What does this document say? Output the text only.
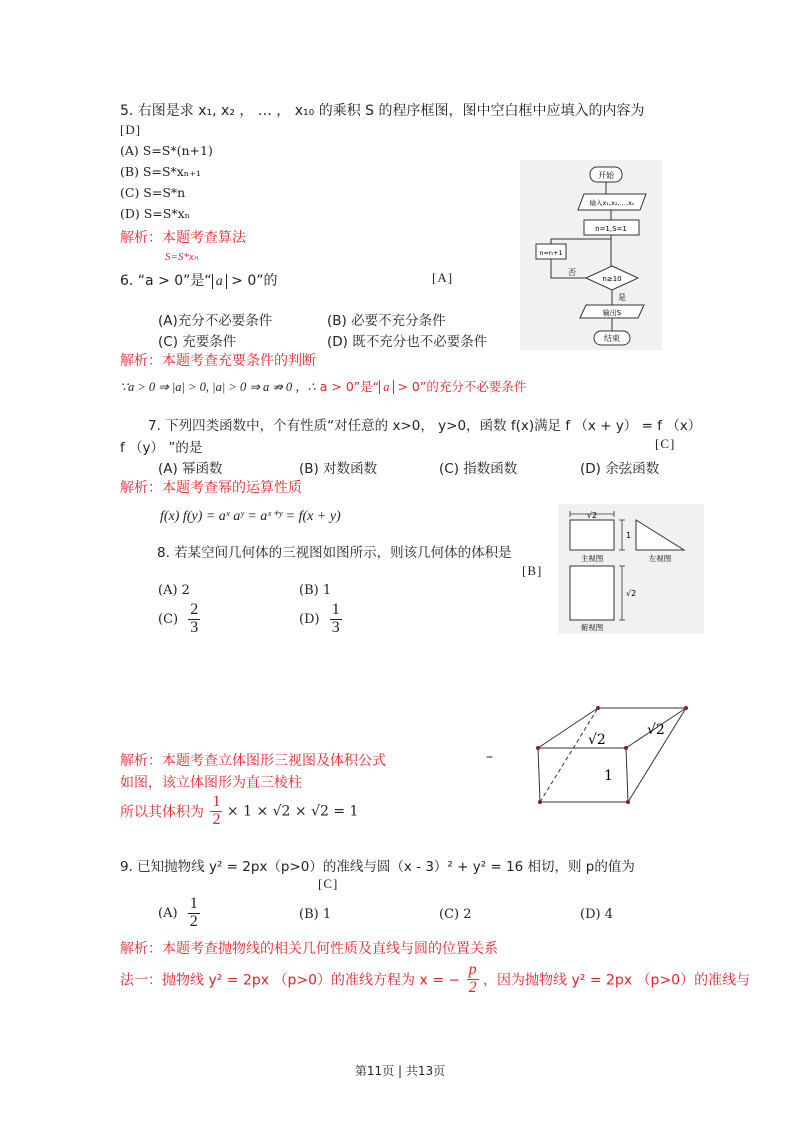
5. 右图是求 x₁, x₂ ， … ， x₁₀ 的乘积 S 的程序框图，图中空白框中应填入的内容为
[D]
(A) S=S*(n+1)
(B) S=S*xₙ₊₁
(C) S=S*n
(D) S=S*xₙ
解析：本题考查算法
S=S*xₙ
开始
输入x₁,x₂,…,xₙ
n=1,S=1
n=n+1
n≥10
否
是
输出S
结束
6. “a > 0”是“ a > 0”的	[A]
(A)充分不必要条件	(B) 必要不充分条件
(C) 充要条件	(D) 既不充分也不必要条件
解析：本题考查充要条件的判断
∵a > 0 ⇒ |a| > 0, |a| > 0 ⇒ a ⇏ 0 ，∴ a > 0”是“ a > 0”的充分不必要条件
7. 下列四类函数中，个有性质“对任意的 x>0， y>0，函数 f(x)满足 f （x + y） = f （x）
f （y） ”的是	[C]
(A) 幂函数	(B) 对数函数	(C) 指数函数	(D) 余弦函数
解析：本题考查幂的运算性质
f(x) f(y) = aˣ aʸ = aˣ⁺ʸ = f(x + y)	√2
1
主视图	左视图
√2
俯视图
8. 若某空间几何体的三视图如图所示，则该几何体的体积是
[B]
(A) 2	(B) 1
$(C) \frac{2}{3}$	$(D) \frac{1}{3}$
√2
√2
1
解析：本题考查立体图形三视图及体积公式	–
如图，该立体图形为直三棱柱
所以其体积为 $\frac{1}{2} \times 1 \times √2 \times √2 = 1$
9. 已知抛物线 y² = 2px（p>0）的准线与圆（x - 3）² + y² = 16 相切，则 p的值为
[C]
$(A) \frac{1}{2}$	(B) 1	(C) 2	(D) 4
解析：本题考查抛物线的相关几何性质及直线与圆的位置关系
法一：抛物线 y² = 2px （p>0）的准线方程为 x = − $\frac{p}{2}$ ，因为抛物线 y² = 2px （p>0）的准线与
第11页 | 共13页
